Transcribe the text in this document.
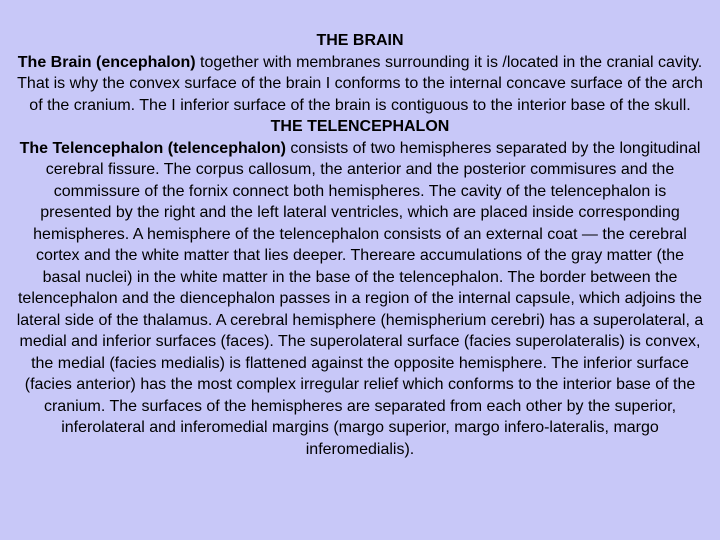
THE BRAIN

The Brain (encephalon) together with membranes surrounding it is /located in the cranial cavity. That is why the convex surface of the brain I conforms to the internal concave surface of the arch of the cranium. The I inferior surface of the brain is contiguous to the interior base of the skull.

THE TELENCEPHALON

The Telencephalon (telencephalon) consists of two hemispheres separated by the longitudinal cerebral fissure. The corpus callosum, the anterior and the posterior commisures and the commissure of the fornix connect both hemispheres. The cavity of the telencephalon is presented by the right and the left lateral ventricles, which are placed inside corresponding hemispheres. A hemisphere of the telencephalon consists of an external coat — the cerebral cortex and the white matter that lies deeper. Thereare accumulations of the gray matter (the basal nuclei) in the white matter in the base of the telencephalon. The border between the telencephalon and the diencephalon passes in a region of the internal capsule, which adjoins the lateral side of the thalamus. A cerebral hemisphere (hemispherium cerebri) has a superolateral, a medial and inferior surfaces (faces). The superolateral surface (facies superolateralis) is convex, the medial (facies medialis) is flattened against the opposite hemisphere. The inferior surface (facies anterior) has the most complex irregular relief which conforms to the interior base of the cranium. The surfaces of the hemispheres are separated from each other by the superior, inferolateral and inferomedial margins (margo superior, margo infero-lateralis, margo inferomedialis).
